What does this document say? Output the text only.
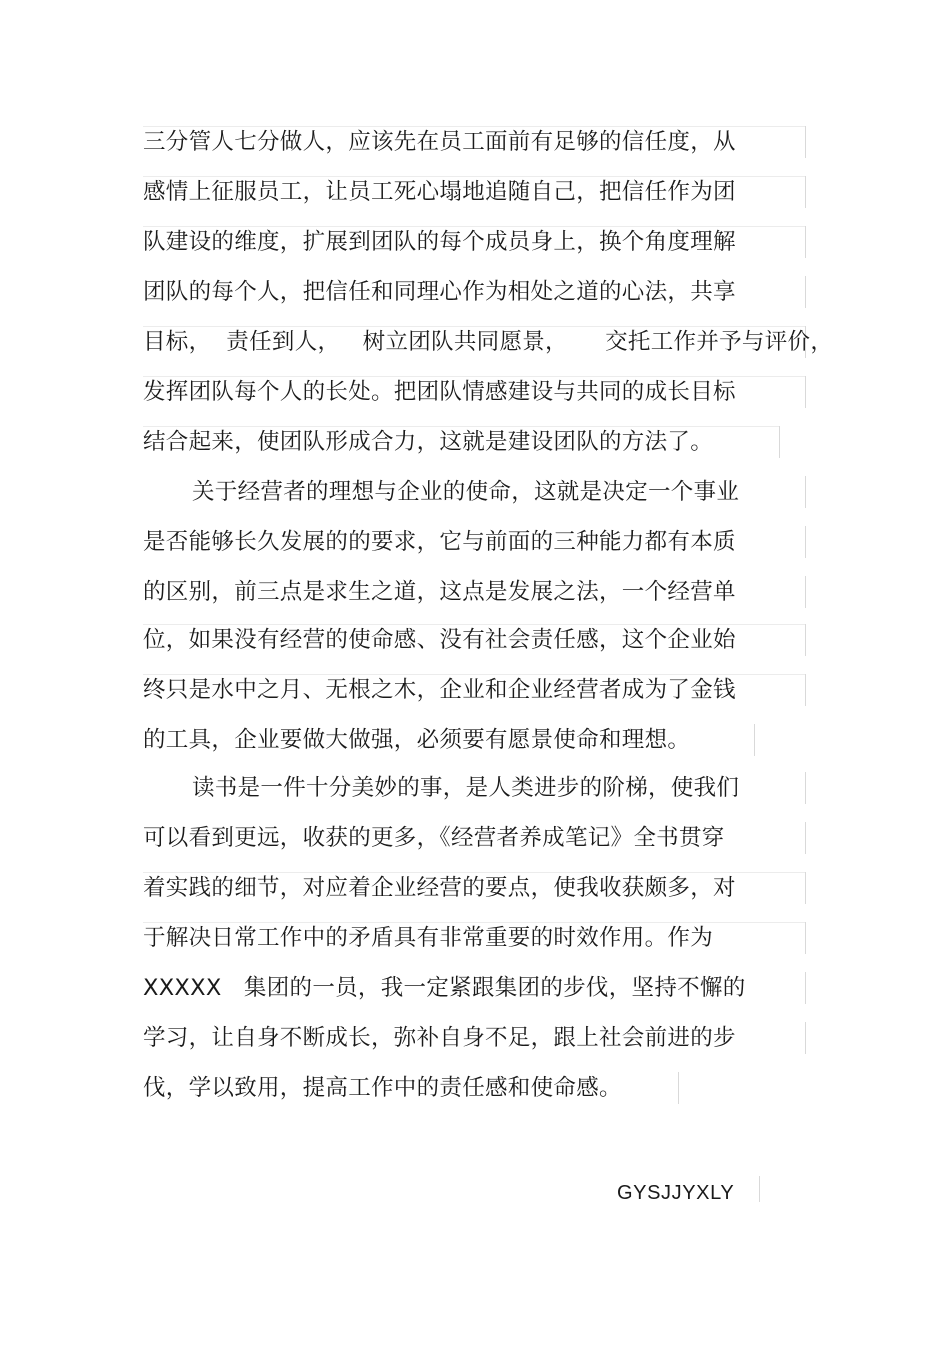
三分管人七分做人，应该先在员工面前有足够的信任度，从
感情上征服员工，让员工死心塌地追随自己，把信任作为团
队建设的维度，扩展到团队的每个成员身上，换个角度理解
团队的每个人，把信任和同理心作为相处之道的心法，共享
目标，  责任到人，   树立团队共同愿景，     交托工作并予与评价，
发挥团队每个人的长处。把团队情感建设与共同的成长目标
结合起来，使团队形成合力，这就是建设团队的方法了。
关于经营者的理想与企业的使命，这就是决定一个事业
是否能够长久发展的的要求，它与前面的三种能力都有本质
的区别，前三点是求生之道，这点是发展之法，一个经营单
位，如果没有经营的使命感、没有社会责任感，这个企业始
终只是水中之月、无根之木，企业和企业经营者成为了金钱
的工具，企业要做大做强，必须要有愿景使命和理想。
读书是一件十分美妙的事，是人类进步的阶梯，使我们
可以看到更远，收获的更多，《经营者养成笔记》全书贯穿
着实践的细节，对应着企业经营的要点，使我收获颇多，对
于解决日常工作中的矛盾具有非常重要的时效作用。作为
XXXXX   集团的一员，我一定紧跟集团的步伐，坚持不懈的
学习，让自身不断成长，弥补自身不足，跟上社会前进的步
伐，学以致用，提高工作中的责任感和使命感。
GYSJJYXLY
